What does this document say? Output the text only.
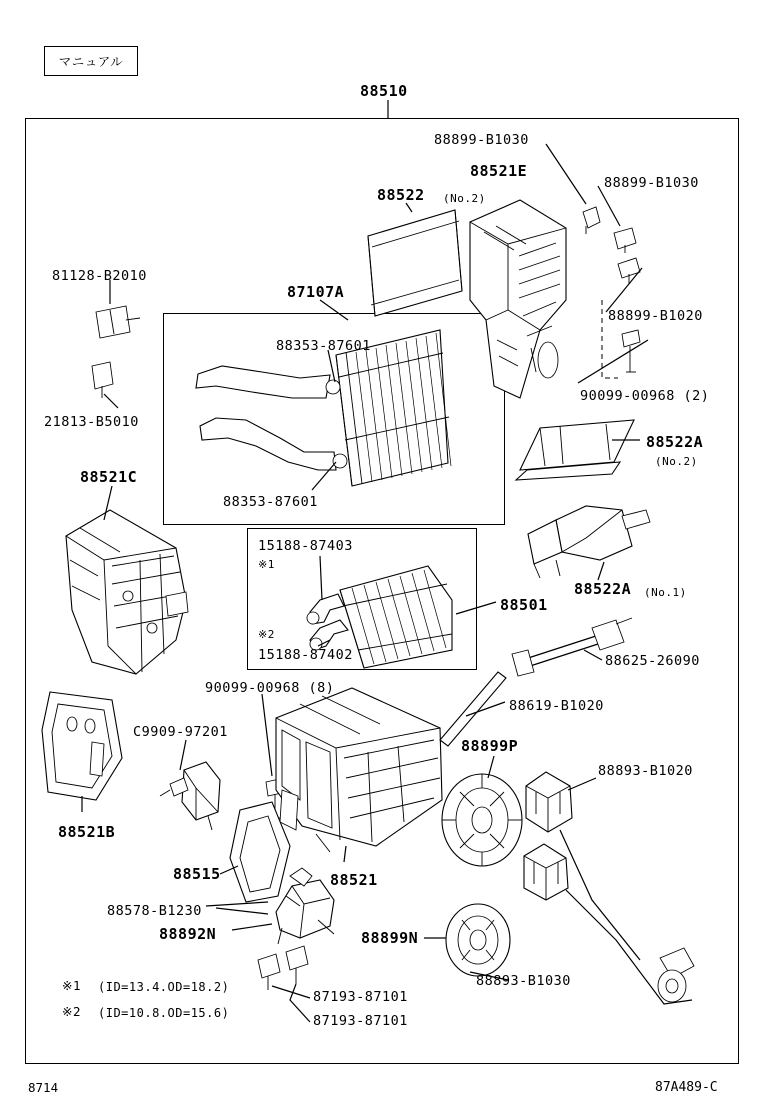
マニュアル
88510
88899-B1030
88521E
88899-B1030
88522 (No.2)
88899-B1020
81128-B2010
87107A
88353-87601
90099-00968 (2)
21813-B5010
88522A
(No.2)
88521C
88353-87601
15188-87403
※1
88522A (No.1)
※2
15188-87402
88501
88625-26090
90099-00968 (8)
88619-B1020
C9909-97201
88899P
88893-B1020
88521B
88515	88521
88578-B1230
88892N	88899N
88893-B1030
87193-87101
87193-87101
※1 (ID=13.4.OD=18.2)
※2 (ID=10.8.OD=15.6)
8714	87A489-C
